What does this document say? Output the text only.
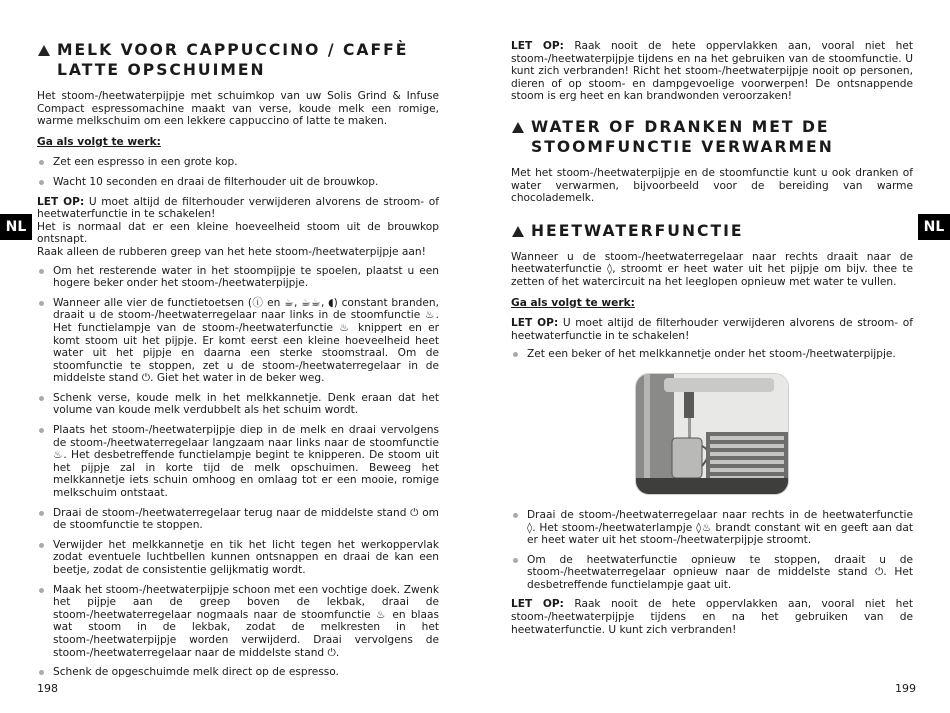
NL	NL
MELK VOOR CAPPUCCINO / CAFFÈ LATTE OPSCHUIMEN

Het stoom-/heetwaterpijpje met schuimkop van uw Solis Grind & Infuse Compact espressomachine maakt van verse, koude melk een romige, warme melkschuim om een lekkere cappuccino of latte te maken.

Ga als volgt te werk:
Zet een espresso in een grote kop.
Wacht 10 seconden en draai de filterhouder uit de brouwkop.

LET OP: U moet altijd de filterhouder verwijderen alvorens de stroom- of heetwaterfunctie in te schakelen!

Het is normaal dat er een kleine hoeveelheid stoom uit de brouwkop ontsnapt.

Raak alleen de rubberen greep van het hete stoom-/heetwaterpijpje aan!

Om het resterende water in het stoompijpje te spoelen, plaatst u een hogere beker onder het stoom-/heetwaterpijpje.
Wanneer alle vier de functietoetsen (ⓘ en ☕, ☕☕, ◖) constant branden, draait u de stoom-/heetwaterregelaar naar links in de stoomfunctie ♨. Het functielampje van de stoom-/heetwaterfunctie ♨ knippert en er komt stoom uit het pijpje. Er komt eerst een kleine hoeveelheid heet water uit het pijpje en daarna een sterke stoomstraal. Om de stoomfunctie te stoppen, zet u de stoom-/heetwaterregelaar in de middelste stand ⏻. Giet het water in de beker weg.
Schenk verse, koude melk in het melkkannetje. Denk eraan dat het volume van koude melk verdubbelt als het schuim wordt.
Plaats het stoom-/heetwaterpijpje diep in de melk en draai vervolgens de stoom-/heetwaterregelaar langzaam naar links naar de stoomfunctie ♨. Het desbetreffende functielampje begint te knipperen. De stoom uit het pijpje zal in korte tijd de melk opschuimen. Beweeg het melkkannetje iets schuin omhoog en omlaag tot er een mooie, romige melkschuim ontstaat.
Draai de stoom-/heetwaterregelaar terug naar de middelste stand ⏻ om de stoomfunctie te stoppen.
Verwijder het melkkannetje en tik het licht tegen het werkoppervlak zodat eventuele luchtbellen kunnen ontsnappen en draai de kan een beetje, zodat de consistentie gelijkmatig wordt.
Maak het stoom-/heetwaterpijpje schoon met een vochtige doek. Zwenk het pijpje aan de greep boven de lekbak, draai de stoom-/heetwaterregelaar nogmaals naar de stoomfunctie ♨ en blaas wat stoom in de lekbak, zodat de melkresten in het stoom-/heetwaterpijpje worden verwijderd. Draai vervolgens de stoom-/heetwaterregelaar naar de middelste stand ⏻.
Schenk de opgeschuimde melk direct op de espresso.

LET OP: Raak nooit de hete oppervlakken aan, vooral niet het stoom-/heetwaterpijpje tijdens en na het gebruiken van de stoomfunctie. U kunt zich verbranden! Richt het stoom-/heetwaterpijpje nooit op personen, dieren of op stoom- en dampgevoelige voorwerpen! De ontsnappende stoom is erg heet en kan brandwonden veroorzaken!

WATER OF DRANKEN MET DE STOOMFUNCTIE VERWARMEN

Met het stoom-/heetwaterpijpje en de stoomfunctie kunt u ook dranken of water verwarmen, bijvoorbeeld voor de bereiding van warme chocolademelk.

HEETWATERFUNCTIE

Wanneer u de stoom-/heetwaterregelaar naar rechts draait naar de heetwaterfunctie ◊, stroomt er heet water uit het pijpje om bijv. thee te zetten of het watercircuit na het leeglopen opnieuw met water te vullen.

Ga als volgt te werk:

LET OP: U moet altijd de filterhouder verwijderen alvorens de stroom- of heetwaterfunctie in te schakelen!

Zet een beker of het melkkannetje onder het stoom-/heetwaterpijpje.
Draai de stoom-/heetwaterregelaar naar rechts in de heetwaterfunctie ◊. Het stoom-/heetwaterlampje ◊♨ brandt constant wit en geeft aan dat er heet water uit het stoom-/heetwaterpijpje stroomt.
Om de heetwaterfunctie opnieuw te stoppen, draait u de stoom-/heetwaterregelaar opnieuw naar de middelste stand ⏻. Het desbetreffende functielampje gaat uit.

LET OP: Raak nooit de hete oppervlakken aan, vooral niet het stoom-/heetwaterpijpje tijdens en na het gebruiken van de heetwaterfunctie. U kunt zich verbranden!

198	199
